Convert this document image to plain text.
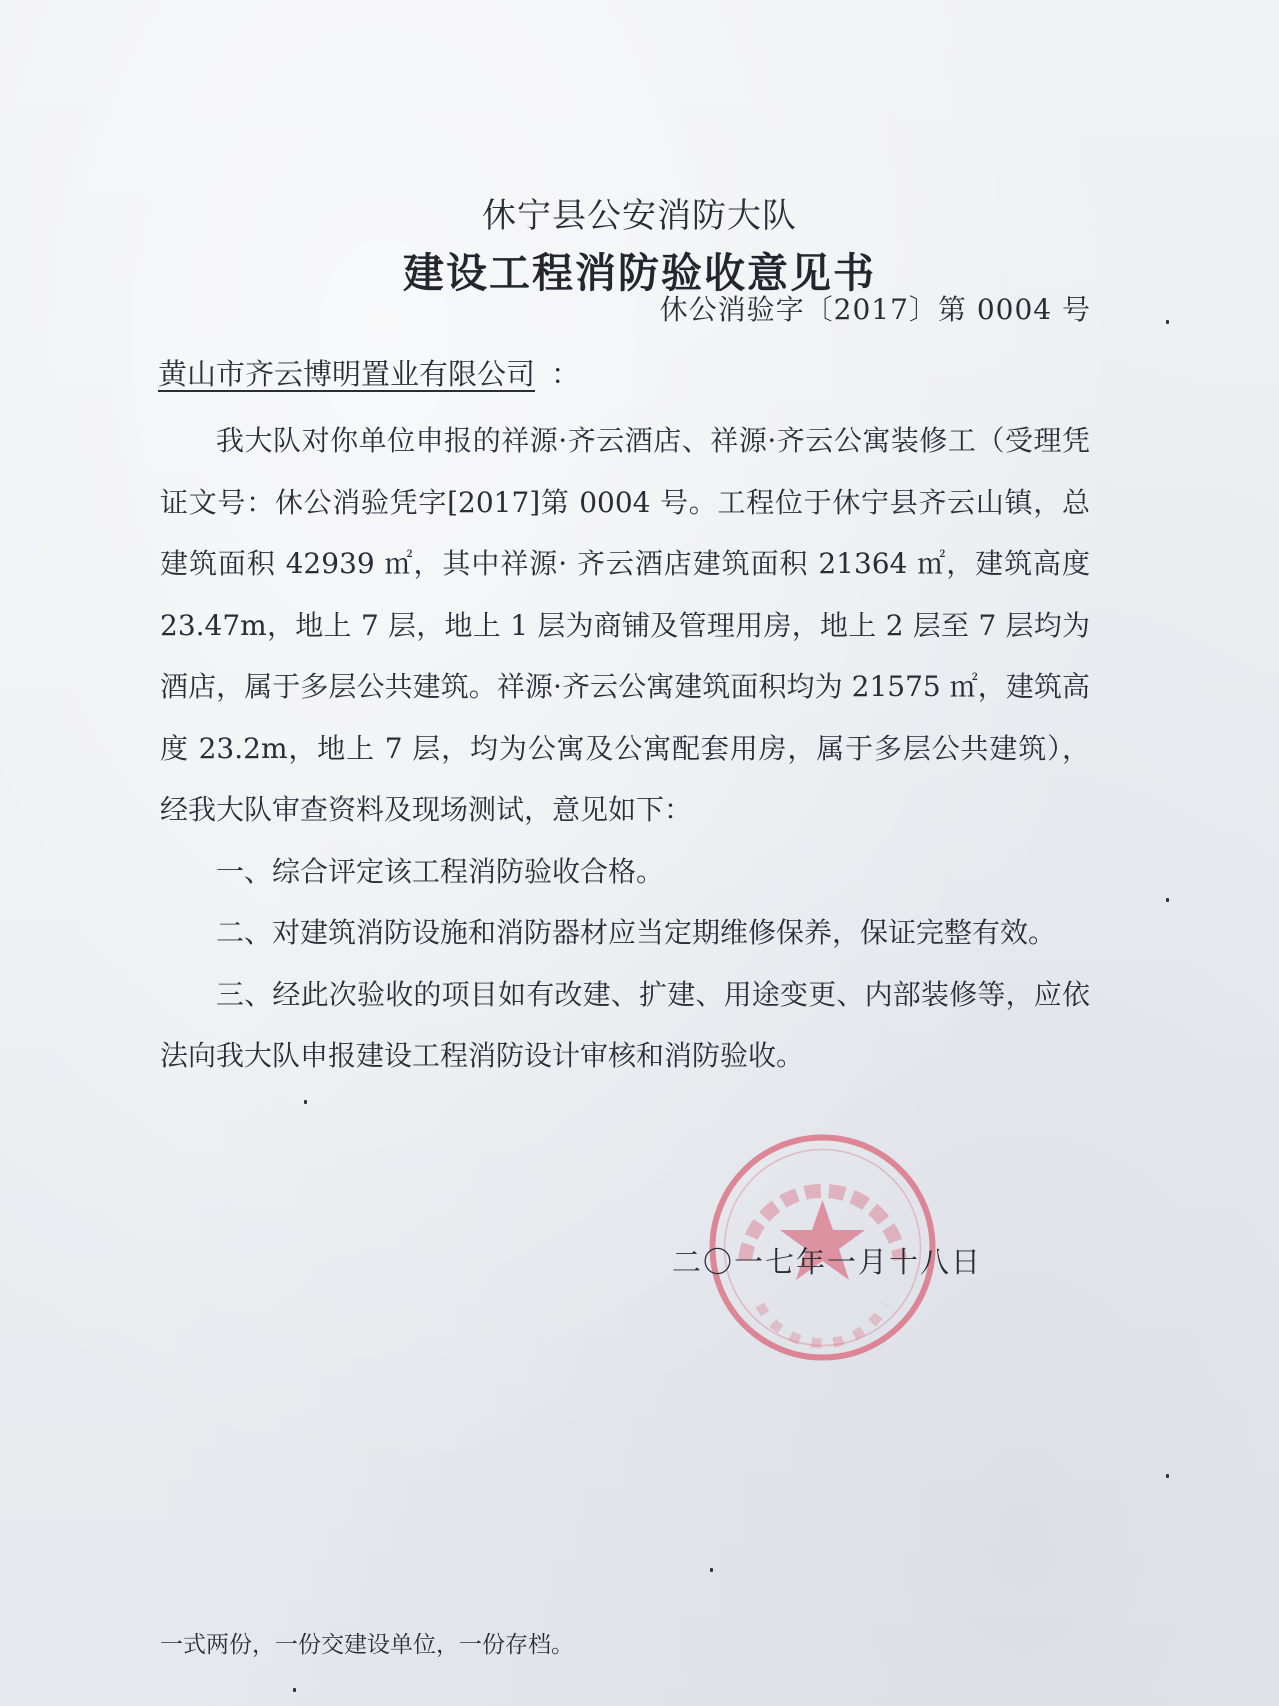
休宁县公安消防大队
建设工程消防验收意见书
休公消验字〔2017〕第 0004 号
黄山市齐云博明置业有限公司 ：

我大队对你单位申报的祥源·齐云酒店、祥源·齐云公寓装修工（受理凭证文号：休公消验凭字[2017]第 0004 号。工程位于休宁县齐云山镇，总建筑面积 42939 ㎡，其中祥源· 齐云酒店建筑面积 21364 ㎡，建筑高度 23.47m，地上 7 层，地上 1 层为商铺及管理用房，地上 2 层至 7 层均为酒店，属于多层公共建筑。祥源·齐云公寓建筑面积均为 21575 ㎡，建筑高度 23.2m，地上 7 层，均为公寓及公寓配套用房，属于多层公共建筑），经我大队审查资料及现场测试，意见如下：

一、综合评定该工程消防验收合格。

二、对建筑消防设施和消防器材应当定期维修保养，保证完整有效。

三、经此次验收的项目如有改建、扩建、用途变更、内部装修等，应依法向我大队申报建设工程消防设计审核和消防验收。

二〇一七年一月十八日
一式两份，一份交建设单位，一份存档。
